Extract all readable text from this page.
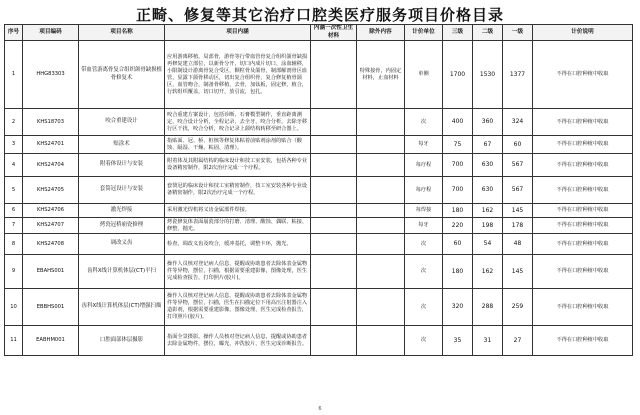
正畸、修复等其它治疗口腔类医疗服务项目价格目录
序号	项目编码	项目名称	项目内涵	内涵一次性卫生材料	除外内容	计价单位	三级	二级	一级	计价说明
1	HHG83303	带血管游离骨复合组织颌骨缺损植骨修复术	应用游离移植，局部骨，游骨等行带血管骨复合组织颌骨缺损再修复建立部位，以新骨分开，切口内成片切口，涂血辅移，小限制设计游离骨复合受区，颗粒骨及颌骨，制部解剖骨区血管，显露下颌骨移动区，切出复合组织骨，复合修复植骨颌区，血管吻合，制备骨移植，去骨，加钛板，固定修，植合，行软组织覆盖，切口切开，放引流，包扎。		特殊接骨，内固定材料，止血材料	单侧	1700	1530	1377	不得在口腔种植中收取
2	KHS18703	咬合重建设计	咬合重建方案设计，包括诊断、石膏模型制作，垂直距离测定，咬合设计分析，全程记录，去全牙，咬合分析，去除牙移行区干扰，咬合分析，咬合记录上颌结构转移至研合器上。			次	400	360	324	不得在口腔种植中收取
3	KHS24701	贴涂术	指贴面、冠、桥、桩核等修复体粘着前贴剂涂剂的贴合（酸蚀、隔湿、干燥、粘固、清理）。			每牙	75	67	60	不得在口腔种植中收取
4	KHS24704	附着体设计与安装	附着体及其附属结构的临床设计和技工室安装，包括各种专业设备精密制作，限2次治疗完成一个疗程。			每疗程	700	630	567	不得在口腔种植中收取
5	KHS24705	套筒冠设计与安装	套筒冠的临床设计和技工室精密制作，技工室安装各种专业设备精密制作，限2次治疗完成一个疗程。			每疗程	700	630	567	不得在口腔种植中收取
6	KHS24706	激光焊接	采用激光焊机将义齿金属部件焊接。			每焊接	180	162	145	不得在口腔种植中收取
7	KHS24707	烤瓷冠桥崩瓷修理	烤瓷修复体表面崩瓷部分的打磨、清理、酸蚀、偶联、粘接、修整、抛光。			每牙	220	198	178	不得在口腔种植中收取
8	KHS24708	调改义齿	检查，调改义齿及咬合，缓冲基托，调整卡环，抛光。			次	60	54	48	不得在口腔种植中收取
9	EBAHS001	齿科X线计算机体层(CT)平扫	操作人员核对登记病人信息，提醒或协助患者去除体表金属物件等异物，摆位，扫描，根据需要重建影像，图像处理，医生完成检查报告，打印照片(胶片)。			次	180	162	145	不得在口腔种植中收取
10	EBBHS001	齿科X线计算机体层(CT)增强扫描	操作人员核对登记病人信息，提醒或协助患者去除体表金属物件等异物，摆位，扫描，医生在扫描定位下用高压注射器注入造影剂，根据需要重建影像，图像处理，医生完成检查报告，打印照片(胶片)。			次	320	288	259	不得在口腔种植中收取
11	EABHM001	口腔面部体层摄影	指面全景摄影。操作人员核对登记病人信息，提醒或协助患者去除金属物件，摆位，曝光，冲洗胶片，医生完成诊断报告。			次	35	31	27	不得在口腔种植中收取
6
